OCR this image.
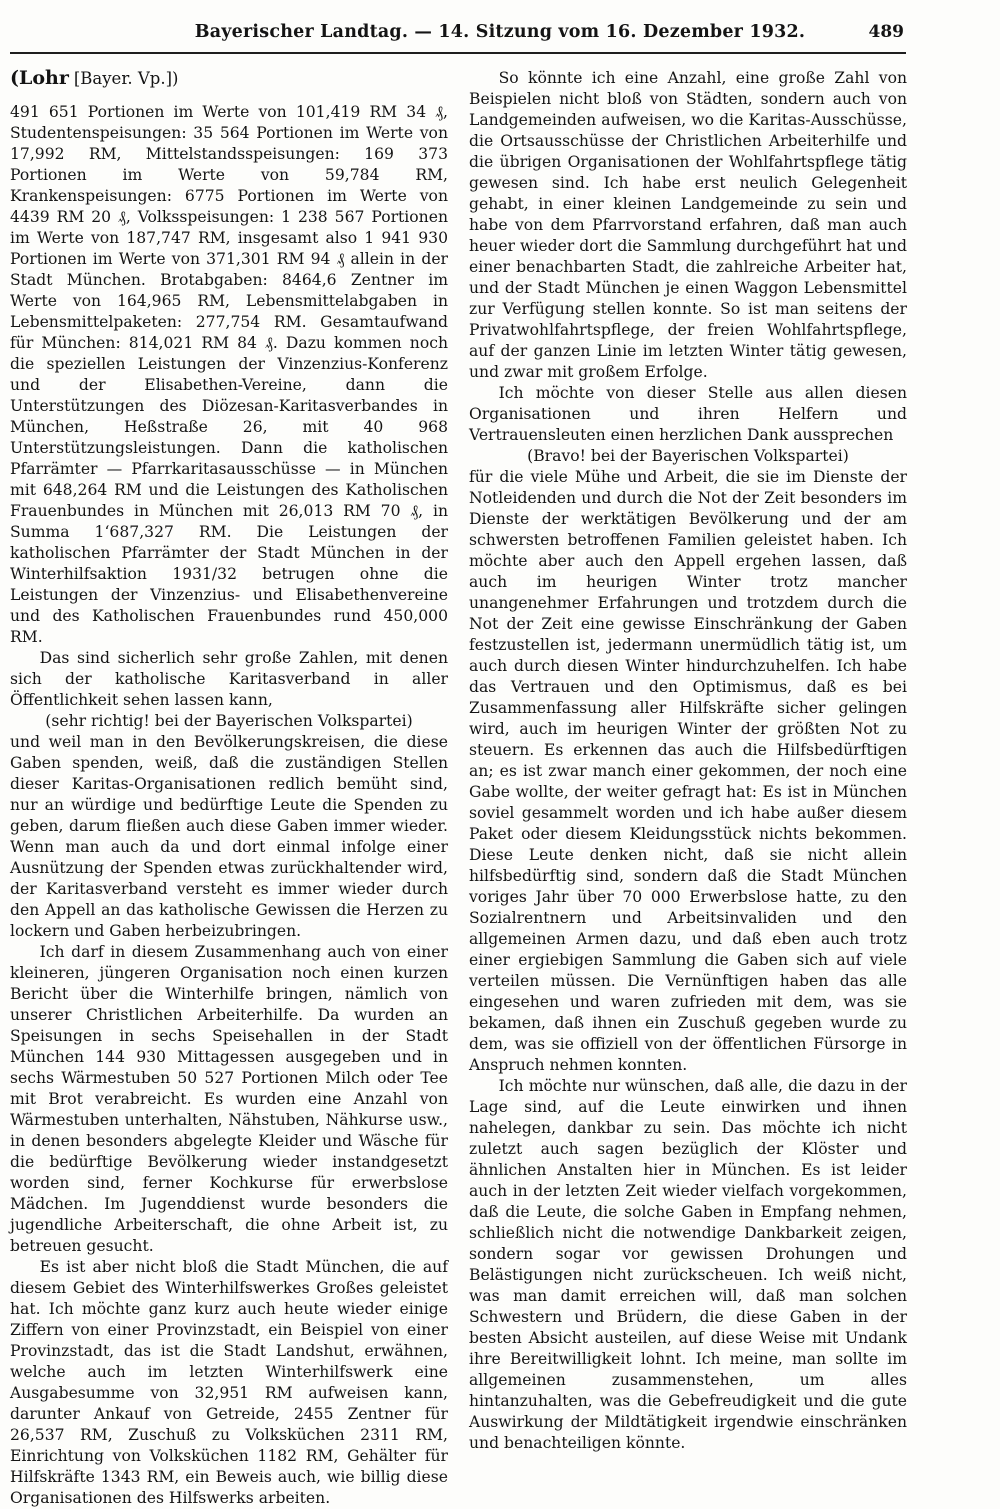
Bayerischer Landtag. — 14. Sitzung vom 16. Dezember 1932.	489

(Lohr [Bayer. Vp.])

491 651 Portionen im Werte von 101,419 RM 34 ₰, Studentenspeisungen: 35 564 Portionen im Werte von 17,992 RM, Mittelstandsspeisungen: 169 373 Portionen im Werte von 59,784 RM, Krankenspeisungen: 6775 Portionen im Werte von 4439 RM 20 ₰, Volksspeisungen: 1 238 567 Portionen im Werte von 187,747 RM, insgesamt also 1 941 930 Portionen im Werte von 371,301 RM 94 ₰ allein in der Stadt München. Brotabgaben: 8464,6 Zentner im Werte von 164,965 RM, Lebensmittelabgaben in Lebensmittelpaketen: 277,754 RM. Gesamtaufwand für München: 814,021 RM 84 ₰. Dazu kommen noch die speziellen Leistungen der Vinzenzius-Konferenz und der Elisabethen-Vereine, dann die Unterstützungen des Diözesan-Karitasverbandes in München, Heßstraße 26, mit 40 968 Unterstützungsleistungen. Dann die katholischen Pfarrämter — Pfarrkaritasausschüsse — in München mit 648,264 RM und die Leistungen des Katholischen Frauenbundes in München mit 26,013 RM 70 ₰, in Summa 1‘687,327 RM. Die Leistungen der katholischen Pfarrämter der Stadt München in der Winterhilfsaktion 1931/32 betrugen ohne die Leistungen der Vinzenzius- und Elisabethenvereine und des Katholischen Frauenbundes rund 450,000 RM.

Das sind sicherlich sehr große Zahlen, mit denen sich der katholische Karitasverband in aller Öffentlichkeit sehen lassen kann,

(sehr richtig! bei der Bayerischen Volkspartei)

und weil man in den Bevölkerungskreisen, die diese Gaben spenden, weiß, daß die zuständigen Stellen dieser Karitas-Organisationen redlich bemüht sind, nur an würdige und bedürftige Leute die Spenden zu geben, darum fließen auch diese Gaben immer wieder. Wenn man auch da und dort einmal infolge einer Ausnützung der Spenden etwas zurückhaltender wird, der Karitasverband versteht es immer wieder durch den Appell an das katholische Gewissen die Herzen zu lockern und Gaben herbeizubringen.

Ich darf in diesem Zusammenhang auch von einer kleineren, jüngeren Organisation noch einen kurzen Bericht über die Winterhilfe bringen, nämlich von unserer Christlichen Arbeiterhilfe. Da wurden an Speisungen in sechs Speisehallen in der Stadt München 144 930 Mittagessen ausgegeben und in sechs Wärmestuben 50 527 Portionen Milch oder Tee mit Brot verabreicht. Es wurden eine Anzahl von Wärmestuben unterhalten, Nähstuben, Nähkurse usw., in denen besonders abgelegte Kleider und Wäsche für die bedürftige Bevölkerung wieder instandgesetzt worden sind, ferner Kochkurse für erwerbslose Mädchen. Im Jugenddienst wurde besonders die jugendliche Arbeiterschaft, die ohne Arbeit ist, zu betreuen gesucht.

Es ist aber nicht bloß die Stadt München, die auf diesem Gebiet des Winterhilfswerkes Großes geleistet hat. Ich möchte ganz kurz auch heute wieder einige Ziffern von einer Provinzstadt, ein Beispiel von einer Provinzstadt, das ist die Stadt Landshut, erwähnen, welche auch im letzten Winterhilfswerk eine Ausgabesumme von 32,951 RM aufweisen kann, darunter Ankauf von Getreide, 2455 Zentner für 26,537 RM, Zuschuß zu Volksküchen 2311 RM, Einrichtung von Volksküchen 1182 RM, Gehälter für Hilfskräfte 1343 RM, ein Beweis auch, wie billig diese Organisationen des Hilfswerks arbeiten.

So könnte ich eine Anzahl, eine große Zahl von Beispielen nicht bloß von Städten, sondern auch von Landgemeinden aufweisen, wo die Karitas-Ausschüsse, die Ortsausschüsse der Christlichen Arbeiterhilfe und die übrigen Organisationen der Wohlfahrtspflege tätig gewesen sind. Ich habe erst neulich Gelegenheit gehabt, in einer kleinen Landgemeinde zu sein und habe von dem Pfarrvorstand erfahren, daß man auch heuer wieder dort die Sammlung durchgeführt hat und einer benachbarten Stadt, die zahlreiche Arbeiter hat, und der Stadt München je einen Waggon Lebensmittel zur Verfügung stellen konnte. So ist man seitens der Privatwohlfahrtspflege, der freien Wohlfahrtspflege, auf der ganzen Linie im letzten Winter tätig gewesen, und zwar mit großem Erfolge.

Ich möchte von dieser Stelle aus allen diesen Organisationen und ihren Helfern und Vertrauensleuten einen herzlichen Dank aussprechen

(Bravo! bei der Bayerischen Volkspartei)

für die viele Mühe und Arbeit, die sie im Dienste der Notleidenden und durch die Not der Zeit besonders im Dienste der werktätigen Bevölkerung und der am schwersten betroffenen Familien geleistet haben. Ich möchte aber auch den Appell ergehen lassen, daß auch im heurigen Winter trotz mancher unangenehmer Erfahrungen und trotzdem durch die Not der Zeit eine gewisse Einschränkung der Gaben festzustellen ist, jedermann unermüdlich tätig ist, um auch durch diesen Winter hindurchzuhelfen. Ich habe das Vertrauen und den Optimismus, daß es bei Zusammenfassung aller Hilfskräfte sicher gelingen wird, auch im heurigen Winter der größten Not zu steuern. Es erkennen das auch die Hilfsbedürftigen an; es ist zwar manch einer gekommen, der noch eine Gabe wollte, der weiter gefragt hat: Es ist in München soviel gesammelt worden und ich habe außer diesem Paket oder diesem Kleidungsstück nichts bekommen. Diese Leute denken nicht, daß sie nicht allein hilfsbedürftig sind, sondern daß die Stadt München voriges Jahr über 70 000 Erwerbslose hatte, zu den Sozialrentnern und Arbeitsinvaliden und den allgemeinen Armen dazu, und daß eben auch trotz einer ergiebigen Sammlung die Gaben sich auf viele verteilen müssen. Die Vernünftigen haben das alle eingesehen und waren zufrieden mit dem, was sie bekamen, daß ihnen ein Zuschuß gegeben wurde zu dem, was sie offiziell von der öffentlichen Fürsorge in Anspruch nehmen konnten.

Ich möchte nur wünschen, daß alle, die dazu in der Lage sind, auf die Leute einwirken und ihnen nahelegen, dankbar zu sein. Das möchte ich nicht zuletzt auch sagen bezüglich der Klöster und ähnlichen Anstalten hier in München. Es ist leider auch in der letzten Zeit wieder vielfach vorgekommen, daß die Leute, die solche Gaben in Empfang nehmen, schließlich nicht die notwendige Dankbarkeit zeigen, sondern sogar vor gewissen Drohungen und Belästigungen nicht zurückscheuen. Ich weiß nicht, was man damit erreichen will, daß man solchen Schwestern und Brüdern, die diese Gaben in der besten Absicht austeilen, auf diese Weise mit Undank ihre Bereitwilligkeit lohnt. Ich meine, man sollte im allgemeinen zusammenstehen, um alles hintanzuhalten, was die Gebefreudigkeit und die gute Auswirkung der Mildtätigkeit irgendwie einschränken und benachteiligen könnte.
